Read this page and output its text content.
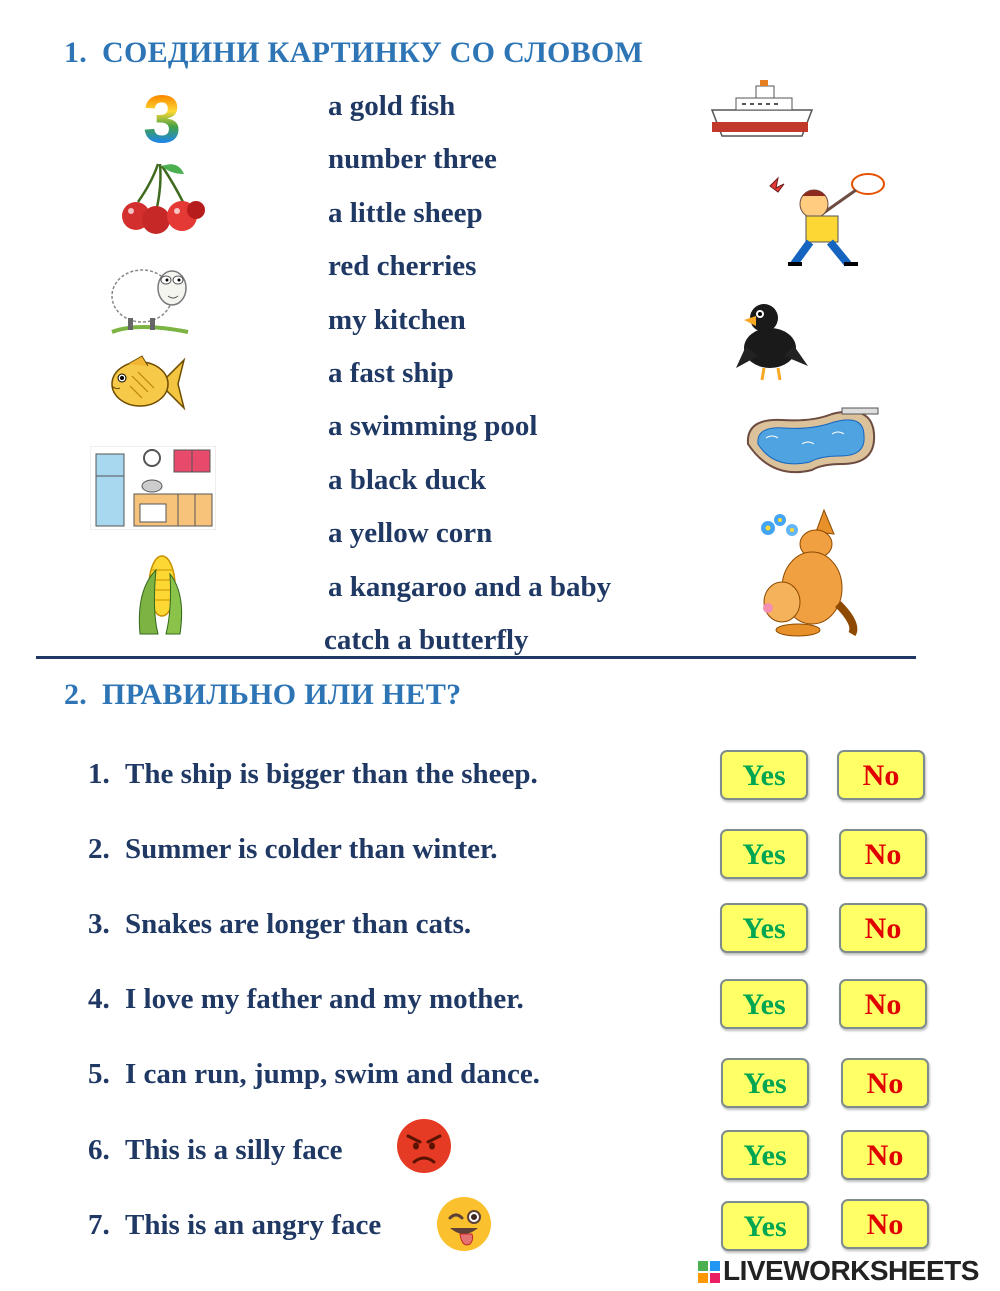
1. СОЕДИНИ КАРТИНКУ СО СЛОВОМ
a gold fish
number three
a little sheep
red cherries
my kitchen
a fast ship
a swimming pool
a black duck
a yellow corn
a kangaroo and a baby
catch a butterfly
3
2. ПРАВИЛЬНО ИЛИ НЕТ?
1. The ship is bigger than the sheep.	Yes	No
2. Summer is colder than winter.	Yes	No
3. Snakes are longer than cats.	Yes	No
4. I love my father and my mother.	Yes	No
5. I can run, jump, swim and dance.	Yes	No
6. This is a silly face	Yes	No
7. This is an angry face	Yes	No
LIVEWORKSHEETS
